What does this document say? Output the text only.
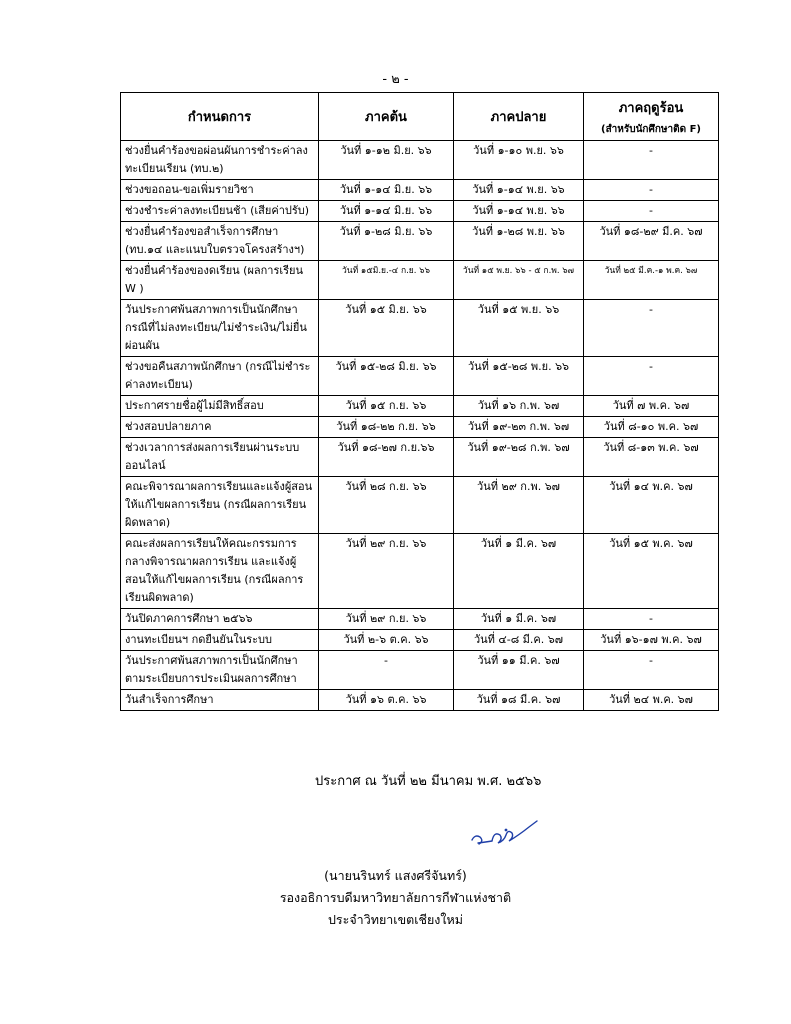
- ๒ -
กำหนดการ	ภาคต้น	ภาคปลาย	ภาคฤดูร้อน
(สำหรับนักศึกษาติด F)

ช่วงยื่นคำร้องขอผ่อนผันการชำระค่าลงทะเบียนเรียน (ทบ.๒)	วันที่ ๑-๑๒ มิ.ย. ๖๖	วันที่ ๑-๑๐ พ.ย. ๖๖	-
ช่วงขอถอน-ขอเพิ่มรายวิชา	วันที่ ๑-๑๔ มิ.ย. ๖๖	วันที่ ๑-๑๔ พ.ย. ๖๖	-
ช่วงชำระค่าลงทะเบียนช้า (เสียค่าปรับ)	วันที่ ๑-๑๔ มิ.ย. ๖๖	วันที่ ๑-๑๔ พ.ย. ๖๖	-
ช่วงยื่นคำร้องขอสำเร็จการศึกษา (ทบ.๑๔ และแนบใบตรวจโครงสร้างฯ)	วันที่ ๑-๒๘ มิ.ย. ๖๖	วันที่ ๑-๒๘ พ.ย. ๖๖	วันที่ ๑๘-๒๙ มี.ค. ๖๗
ช่วงยื่นคำร้องของดเรียน (ผลการเรียน W )	วันที่ ๑๕มิ.ย.-๔ ก.ย. ๖๖	วันที่ ๑๕ พ.ย. ๖๖ - ๕ ก.พ. ๖๗	วันที่ ๒๕ มี.ค.-๑ พ.ค. ๖๗
วันประกาศพ้นสภาพการเป็นนักศึกษา กรณีที่ไม่ลงทะเบียน/ไม่ชำระเงิน/ไม่ยื่นผ่อนผัน	วันที่ ๑๕ มิ.ย. ๖๖	วันที่ ๑๕ พ.ย. ๖๖	-
ช่วงขอคืนสภาพนักศึกษา (กรณีไม่ชำระค่าลงทะเบียน)	วันที่ ๑๕-๒๘ มิ.ย. ๖๖	วันที่ ๑๕-๒๘ พ.ย. ๖๖	-
ประกาศรายชื่อผู้ไม่มีสิทธิ์สอบ	วันที่ ๑๕ ก.ย. ๖๖	วันที่ ๑๖ ก.พ. ๖๗	วันที่ ๗ พ.ค. ๖๗
ช่วงสอบปลายภาค	วันที่ ๑๘-๒๒ ก.ย. ๖๖	วันที่ ๑๙-๒๓ ก.พ. ๖๗	วันที่ ๘-๑๐ พ.ค. ๖๗
ช่วงเวลาการส่งผลการเรียนผ่านระบบออนไลน์	วันที่ ๑๘-๒๗ ก.ย.๖๖	วันที่ ๑๙-๒๘ ก.พ. ๖๗	วันที่ ๘-๑๓ พ.ค. ๖๗
คณะพิจารณาผลการเรียนและแจ้งผู้สอนให้แก้ไขผลการเรียน (กรณีผลการเรียนผิดพลาด)	วันที่ ๒๘ ก.ย. ๖๖	วันที่ ๒๙ ก.พ. ๖๗	วันที่ ๑๔ พ.ค. ๖๗
คณะส่งผลการเรียนให้คณะกรรมการกลางพิจารณาผลการเรียน และแจ้งผู้สอนให้แก้ไขผลการเรียน (กรณีผลการเรียนผิดพลาด)	วันที่ ๒๙ ก.ย. ๖๖	วันที่ ๑ มี.ค. ๖๗	วันที่ ๑๕ พ.ค. ๖๗
วันปิดภาคการศึกษา ๒๕๖๖	วันที่ ๒๙ ก.ย. ๖๖	วันที่ ๑ มี.ค. ๖๗	-
งานทะเบียนฯ กดยืนยันในระบบ	วันที่ ๒-๖ ต.ค. ๖๖	วันที่ ๔-๘ มี.ค. ๖๗	วันที่ ๑๖-๑๗ พ.ค. ๖๗
วันประกาศพ้นสภาพการเป็นนักศึกษาตามระเบียบการประเมินผลการศึกษา	-	วันที่ ๑๑ มี.ค. ๖๗	-
วันสำเร็จการศึกษา	วันที่ ๑๖ ต.ค. ๖๖	วันที่ ๑๘ มี.ค. ๖๗	วันที่ ๒๔ พ.ค. ๖๗
ประกาศ ณ วันที่ ๒๒ มีนาคม พ.ศ. ๒๕๖๖
(นายนรินทร์ แสงศรีจันทร์)
รองอธิการบดีมหาวิทยาลัยการกีฬาแห่งชาติ
ประจำวิทยาเขตเชียงใหม่
